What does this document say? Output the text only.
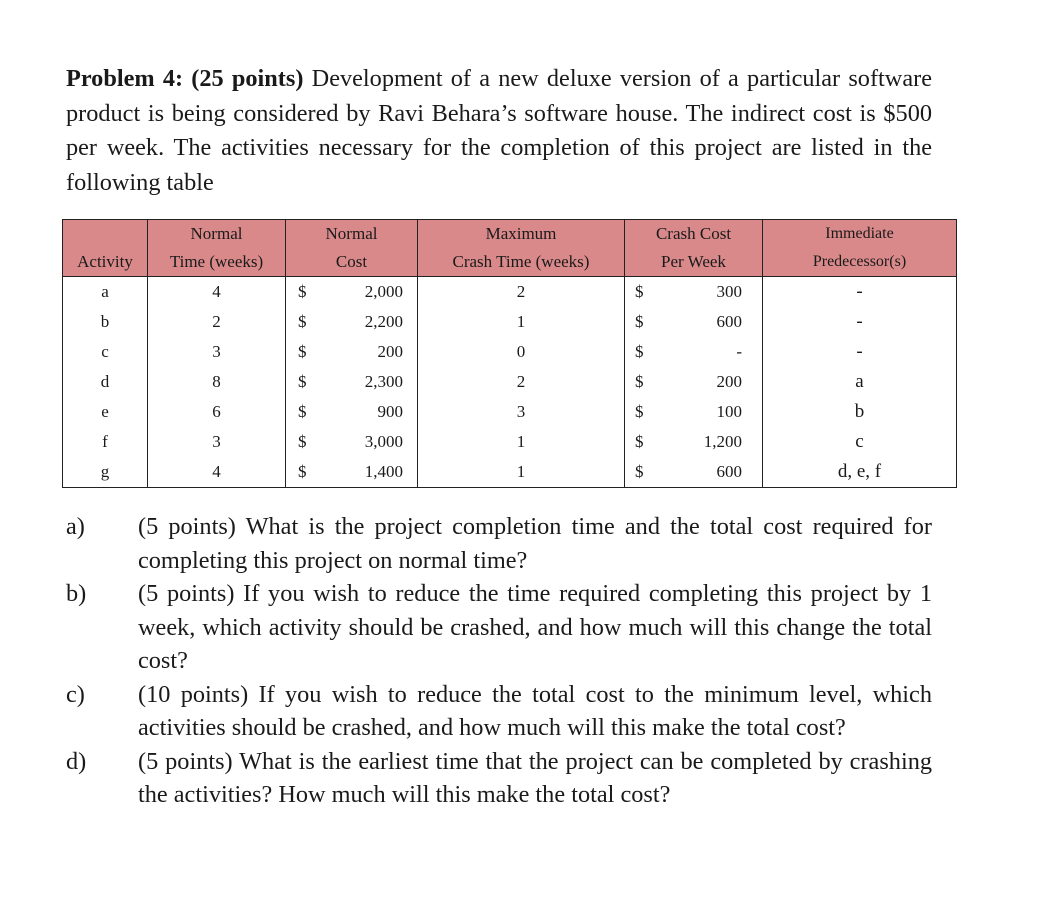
Problem 4: (25 points) Development of a new deluxe version of a particular software product is being considered by Ravi Behara’s software house. The indirect cost is $500 per week. The activities necessary for the completion of this project are listed in the following table
	Normal	Normal		Maximum	Crash Cost		Immediate
Activity	Time (weeks)	Cost		Crash Time (weeks)	Per Week		Predecessor(s)
a	4	$	2,000	2	$	300	-
b	2	$	2,200	1	$	600	-
c	3	$	200	0	$	-	-
d	8	$	2,300	2	$	200	a
e	6	$	900	3	$	100	b
f	3	$	3,000	1	$	1,200	c
g	4	$	1,400	1	$	600	d, e, f
a)	(5 points) What is the project completion time and the total cost required for completing this project on normal time?
b)	(5 points) If you wish to reduce the time required completing this project by 1 week, which activity should be crashed, and how much will this change the total cost?
c)	(10 points) If you wish to reduce the total cost to the minimum level, which activities should be crashed, and how much will this make the total cost?
d)	(5 points) What is the earliest time that the project can be completed by crashing the activities? How much will this make the total cost?
